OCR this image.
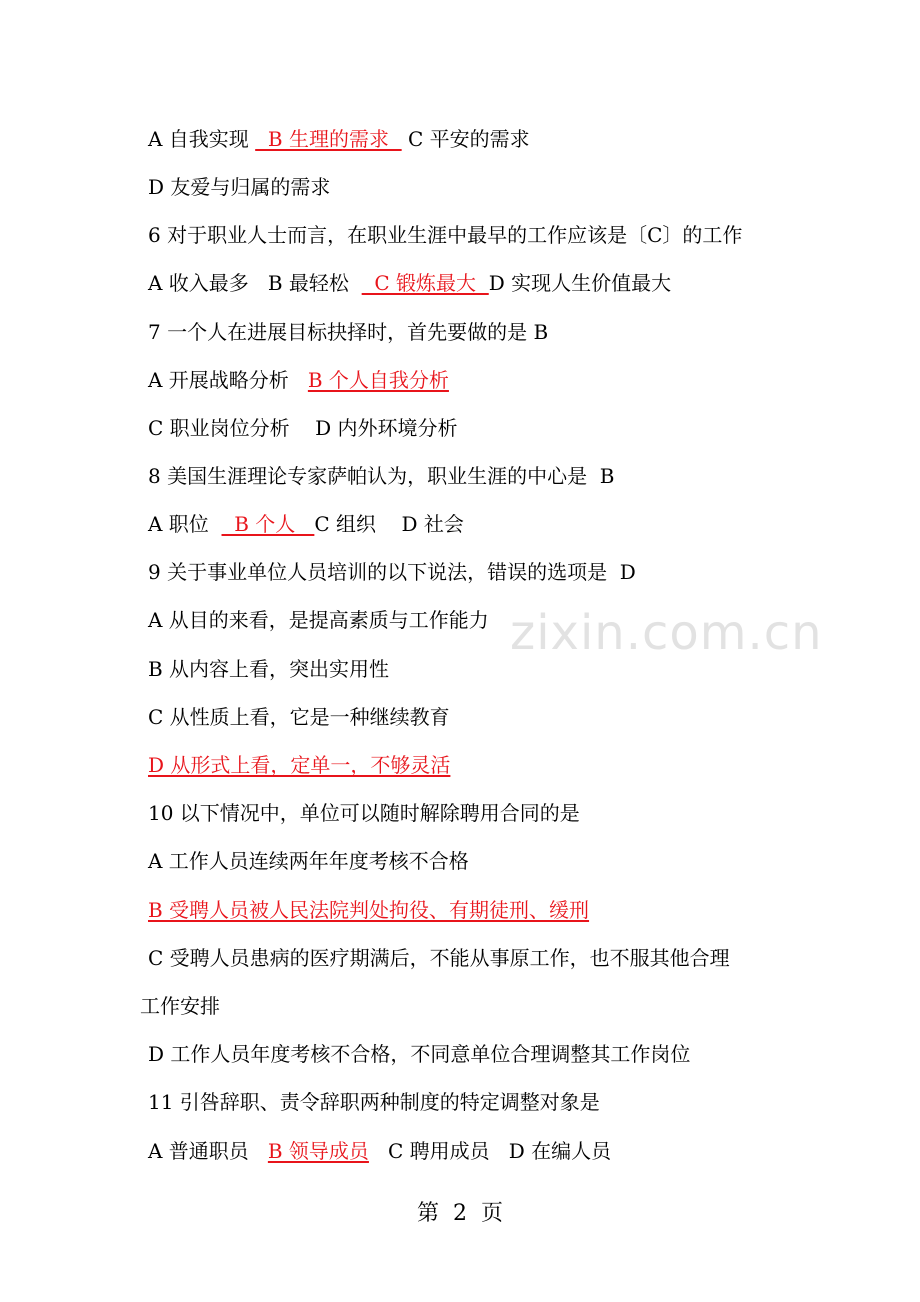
A 自我实现   B 生理的需求   C 平安的需求
D 友爱与归属的需求
6 对于职业人士而言，在职业生涯中最早的工作应该是〔C〕的工作
A 收入最多   B 最轻松    C 锻炼最大  D 实现人生价值最大
7 一个人在进展目标抉择时，首先要做的是 B
A 开展战略分析   B 个人自我分析
C 职业岗位分析    D 内外环境分析
8 美国生涯理论专家萨帕认为，职业生涯的中心是  B
A 职位    B 个人   C 组织    D 社会
9 关于事业单位人员培训的以下说法，错误的选项是  D
A 从目的来看，是提高素质与工作能力
B 从内容上看，突出实用性
C 从性质上看，它是一种继续教育
D 从形式上看，定单一，不够灵活
10 以下情况中，单位可以随时解除聘用合同的是
A 工作人员连续两年年度考核不合格
B 受聘人员被人民法院判处拘役、有期徒刑、缓刑
C 受聘人员患病的医疗期满后，不能从事原工作，也不服其他合理
工作安排
D 工作人员年度考核不合格，不同意单位合理调整其工作岗位
11 引咎辞职、责令辞职两种制度的特定调整对象是
A 普通职员   B 领导成员   C 聘用成员   D 在编人员
zixin.com.cn
第  2  页
